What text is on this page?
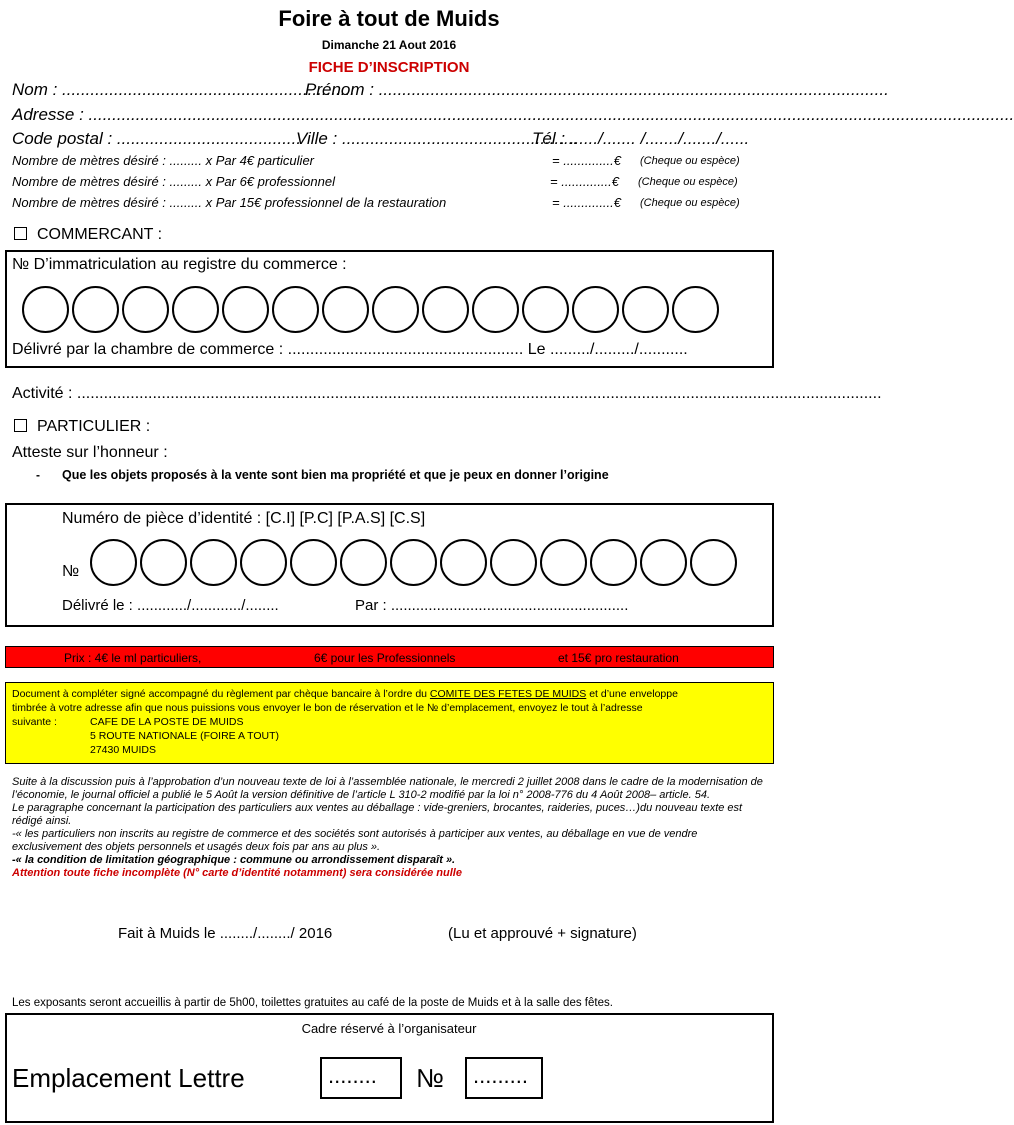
Foire à tout de Muids
Dimanche 21 Aout 2016
FICHE D’INSCRIPTION
Nom : ..............................................................
Prénom : ............................................................................................................
Adresse : ....................................................................................................................................................................................................
Code postal : .......................................
Ville : ..................................................
Tél : ....../....... /......./......./......
Nombre de mètres désiré : ......... x Par 4€ particulier	= ..............€ (Cheque ou espèce)
Nombre de mètres désiré : ......... x Par 6€ professionnel	= ..............€ (Cheque ou espèce)
Nombre de mètres désiré : ......... x Par 15€ professionnel de la restauration	= ..............€ (Cheque ou espèce)
COMMERCANT :
№ D’immatriculation au registre du commerce :
Délivré par la chambre de commerce : ..................................................... Le ........./........./...........
Activité : .....................................................................................................................................................................................
PARTICULIER :
Atteste sur l’honneur :
- Que les objets proposés à la vente sont bien ma propriété et que je peux en donner l’origine
Numéro de pièce d’identité : [C.I] [P.C] [P.A.S] [C.S]
№
Délivré le : ............/............/........	Par : .........................................................
Prix : 4€ le ml particuliers,	6€ pour les Professionnels	et 15€ pro restauration
Document à compléter signé accompagné du règlement par chèque bancaire à l’ordre du COMITE DES FETES DE MUIDS et d’une enveloppe
timbrée à votre adresse afin que nous puissions vous envoyer le bon de réservation et le № d’emplacement, envoyez le tout à l’adresse
suivante :	CAFE DE LA POSTE DE MUIDS
5 ROUTE NATIONALE (FOIRE A TOUT)
27430 MUIDS
Suite à la discussion puis à l’approbation d’un nouveau texte de loi à l’assemblée nationale, le mercredi 2 juillet 2008 dans le cadre de la modernisation de l’économie, le journal officiel a publié le 5 Août la version définitive de l’article L 310-2 modifié par la loi n° 2008-776 du 4 Août 2008– article. 54.
Le paragraphe concernant la participation des particuliers aux ventes au déballage : vide-greniers, brocantes, raideries, puces…)du nouveau texte est rédigé ainsi.
-« les particuliers non inscrits au registre de commerce et des sociétés sont autorisés à participer aux ventes, au déballage en vue de vendre exclusivement des objets personnels et usagés deux fois par ans au plus ».
-« la condition de limitation géographique : commune ou arrondissement disparaît ».
Attention toute fiche incomplète (N° carte d’identité notamment) sera considérée nulle
Fait à Muids le ......../......../ 2016	(Lu et approuvé + signature)
Les exposants seront accueillis à partir de 5h00, toilettes gratuites au café de la poste de Muids et à la salle des fêtes.
Cadre réservé à l’organisateur
Emplacement Lettre	........	№	.........
